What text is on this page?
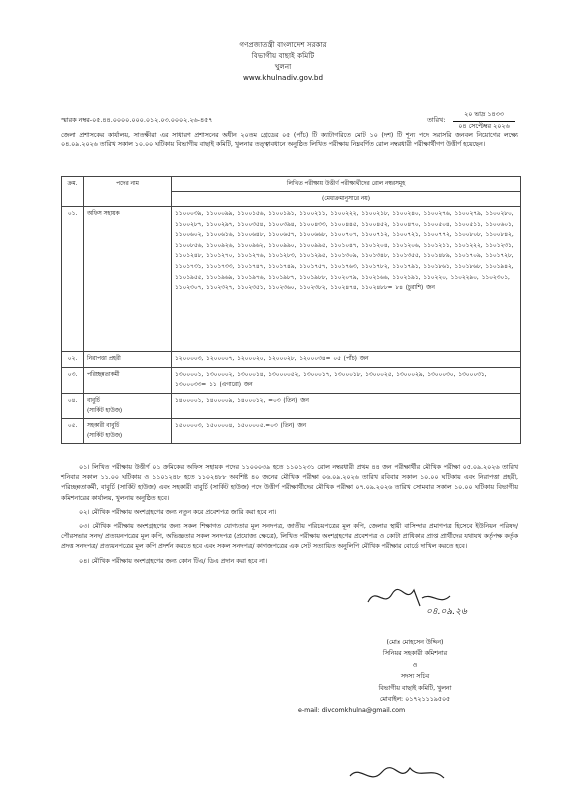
গণপ্রজাতন্ত্রী বাংলাদেশ সরকার
বিভাগীয় বাছাই কমিটি
খুলনা
www.khulnadiv.gov.bd
স্মারক নম্বর-০৫.৪৪.০০০০.০০০.০১২.০৩.০০০২.২৬-৪৫৭	তারিখ:
২০ ভাদ্র ১৪৩৩
০৪ সেপ্টেম্বর ২০২৬
জেলা প্রশাসকের কার্যালয়, সাতক্ষীরা এর সাধারণ প্রশাসনের অধীন ২০তম গ্রেডের ০৫ (পাঁচ) টি ক্যাটাগরিতে মোট ১০ (দশ) টি শূন্য পদে সরাসরি জনবল নিয়োগের লক্ষ্যে ০৪.০৯.২০২৬ তারিখ সকাল ১০.০০ ঘটিকায় বিভাগীয় বাছাই কমিটি, খুলনার তত্ত্বাবধানে অনুষ্ঠিত লিখিত পরীক্ষায় নিম্নবর্ণিত রোল নম্বরধারী পরীক্ষার্থীগণ উত্তীর্ণ হয়েছেন।
ক্রম.	পদের নাম	লিখিত পরীক্ষায় উত্তীর্ণ পরীক্ষার্থীদের রোল নম্বরসমূহ
		(মেধাক্রমানুসারে নয়)
০১.	অফিস সহায়ক	১১০০০৩৯, ১১০০০৯৯, ১১০০১৫৬, ১১০০১৯১, ১১০০২১১, ১১০০২২২, ১১০০২১৮, ১১০০২৪০, ১১০০২৭৬, ১১০০২৭৯, ১১০০২৮০, ১১০০২৮৭, ১১০০২৯৭, ১১০০৩৫৪, ১১০০৩৯৪, ১১০০৪৩৩, ১১০০৪৪৫, ১১০০৪৫২, ১১০০৪৭০, ১১০০৫০৪, ১১০০৫১১, ১১০০৬০১, ১১০০৬০২, ১১০০৬১৬, ১১০০৬৪৮, ১১০০৬৫৭, ১১০০৬৬৮, ১১০০৭০৭, ১১০০৭১২, ১১০০৭২১, ১১০০৭৭২, ১১০০৮০৮, ১১০০৮৪২, ১১০০৮৫৬, ১১০০৯২৬, ১১০০৯৬২, ১১০০৯৯০, ১১০০৯৯৫, ১১০১০৪৭, ১১০১২০৪, ১১০১২০৬, ১১০১২১১, ১১০১২২২, ১১০১২৩১, ১১০১২৪৮, ১১০১২৭০, ১১০১২৭৬, ১১০১২৮৩, ১১০১২৯৫, ১১০১৩০৯, ১১০১৩৪৮, ১১০১৩৫৫, ১১০১৪৮৯, ১১০১৭০৯, ১১০১৭২৮, ১১০১৭৩১, ১১০১৭৩৩, ১১০১৭৪৭, ১১০১৭৪৯, ১১০১৭৫৭, ১১০১৭৬৩, ১১০১৭৮২, ১১০১৭৯১, ১১০১৮৬১, ১১০১৮৬৮, ১১০১৯৪২, ১১০১৯৫৫, ১১০১৯৬৯, ১১০১৯৭৬, ১১০১৯৮৭, ১১০১৯৮৮, ১১০২০৭৯, ১১০২১৬৬, ১১০২১৯১, ১১০২২০, ১১০২২৯০, ১১০২৩০১, ১১০২৩০৭, ১১০২৩২৭, ১১০২৩৫১, ১১০২৩৬০, ১১০২৩৮২, ১১০২৪৭৪, ১১০২৪৮৮= ৮৪ (চুরাশি) জন
০২.	নিরাপত্তা প্রহরী	১২০০০০৩, ১২০০০০৭, ১২০০০২০, ১২০০০২৮, ১২০০০৩৪= ০৫ (পাঁচ) জন
০৩.	পরিচ্ছন্নতাকর্মী	১৩০০০০১, ১৩০০০০২, ১৩০০০১৪, ১৩০০০০৫২, ১৩০০০১৭, ১৩০০০১৮, ১৩০০০২৫, ১৩০০০২৯, ১৩০০০৩০, ১৩০০০৩১, ১৩০০০৩৩= ১১ (এগারো) জন
০৪.	বাবুর্চি
(সার্কিট হাউজ)	১৪০০০০১, ১৪০০০০৯, ১৪০০০১২, =০৩ (তিন) জন
০৫.	সহকারী বাবুর্চি
(সার্কিট হাউজ)	১৫০০০০৩, ১৫০০০০৪, ১৫০০০০৫.=০৩ (তিন) জন

০১। লিখিত পরীক্ষায় উত্তীর্ণ ০১ ক্রমিকের অফিস সহায়ক পদের ১১০০০৩৯ হতে ১১০১২৩১ রোল নম্বরধারী প্রথম ৪৪ জন পরীক্ষার্থীর মৌখিক পরীক্ষা ০৫.০৯.২০২৬ তারিখ শনিবার সকাল ১১.০০ ঘটিকায় ও ১১০১২৪৮ হতে ১১০২৪৮৮ অবশিষ্ট ৪০ জনের মৌখিক পরীক্ষা ০৬.০৯.২০২৬ তারিখ রবিবার সকাল ১০.০০ ঘটিকায় এবং নিরাপত্তা প্রহরী, পরিচ্ছন্নতাকর্মী, বাবুর্চি (সার্কিট হাউজ) এবং সহকারী বাবুর্চি (সার্কিট হাউজ) পদে উত্তীর্ণ পরীক্ষার্থীদের মৌখিক পরীক্ষা ০৭.০৯.২০২৬ তারিখ সোমবার সকাল ১০.০০ ঘটিকায় বিভাগীয় কমিশনারের কার্যালয়, খুলনায় অনুষ্ঠিত হবে।

০২। মৌখিক পরীক্ষায় অংশগ্রহণের জন্য নতুন করে প্রবেশপত্র জারি করা হবে না।

০৩। মৌখিক পরীক্ষায় অংশগ্রহণের জন্য সকল শিক্ষাগত যোগ্যতার মূল সনদপত্র, জাতীয় পরিচয়পত্রের মূল কপি, জেলার স্থায়ী বাসিন্দার প্রমাণপত্র হিসেবে ইউনিয়ন পরিষদ/ পৌরসভার সনদ/ প্রত্যয়নপত্রের মূল কপি, অভিজ্ঞতার সকল সনদপত্র (প্রযোজ্য ক্ষেত্রে), লিখিত পরীক্ষায় অংশগ্রহণের প্রবেশপত্র ও কোটা প্রাধিকার প্রাপ্ত প্রার্থীদের যথাযথ কর্তৃপক্ষ কর্তৃক প্রদত্ত সনদপত্র/ প্রত্যয়নপত্রের মূল কপি প্রদর্শন করতে হবে এবং সকল সনদপত্র/ কাগজপত্রের এক সেট সত্যায়িত অনুলিপি মৌখিক পরীক্ষার বোর্ডে দাখিল করতে হবে।

০৪। মৌখিক পরীক্ষায় অংশগ্রহণের জন্য কোন টিএ/ ডিএ প্রদান করা হবে না।

০৪.০৯.২৬
(মোঃ মোহসেন উদ্দিন)
সিনিয়র সহকারী কমিশনার
ও
সদস্য সচিব
বিভাগীয় বাছাই কমিটি, খুলনা
মোবাইল: ০১৭২১১১৯৫০৫
e-mail: divcomkhulna@gmail.com
